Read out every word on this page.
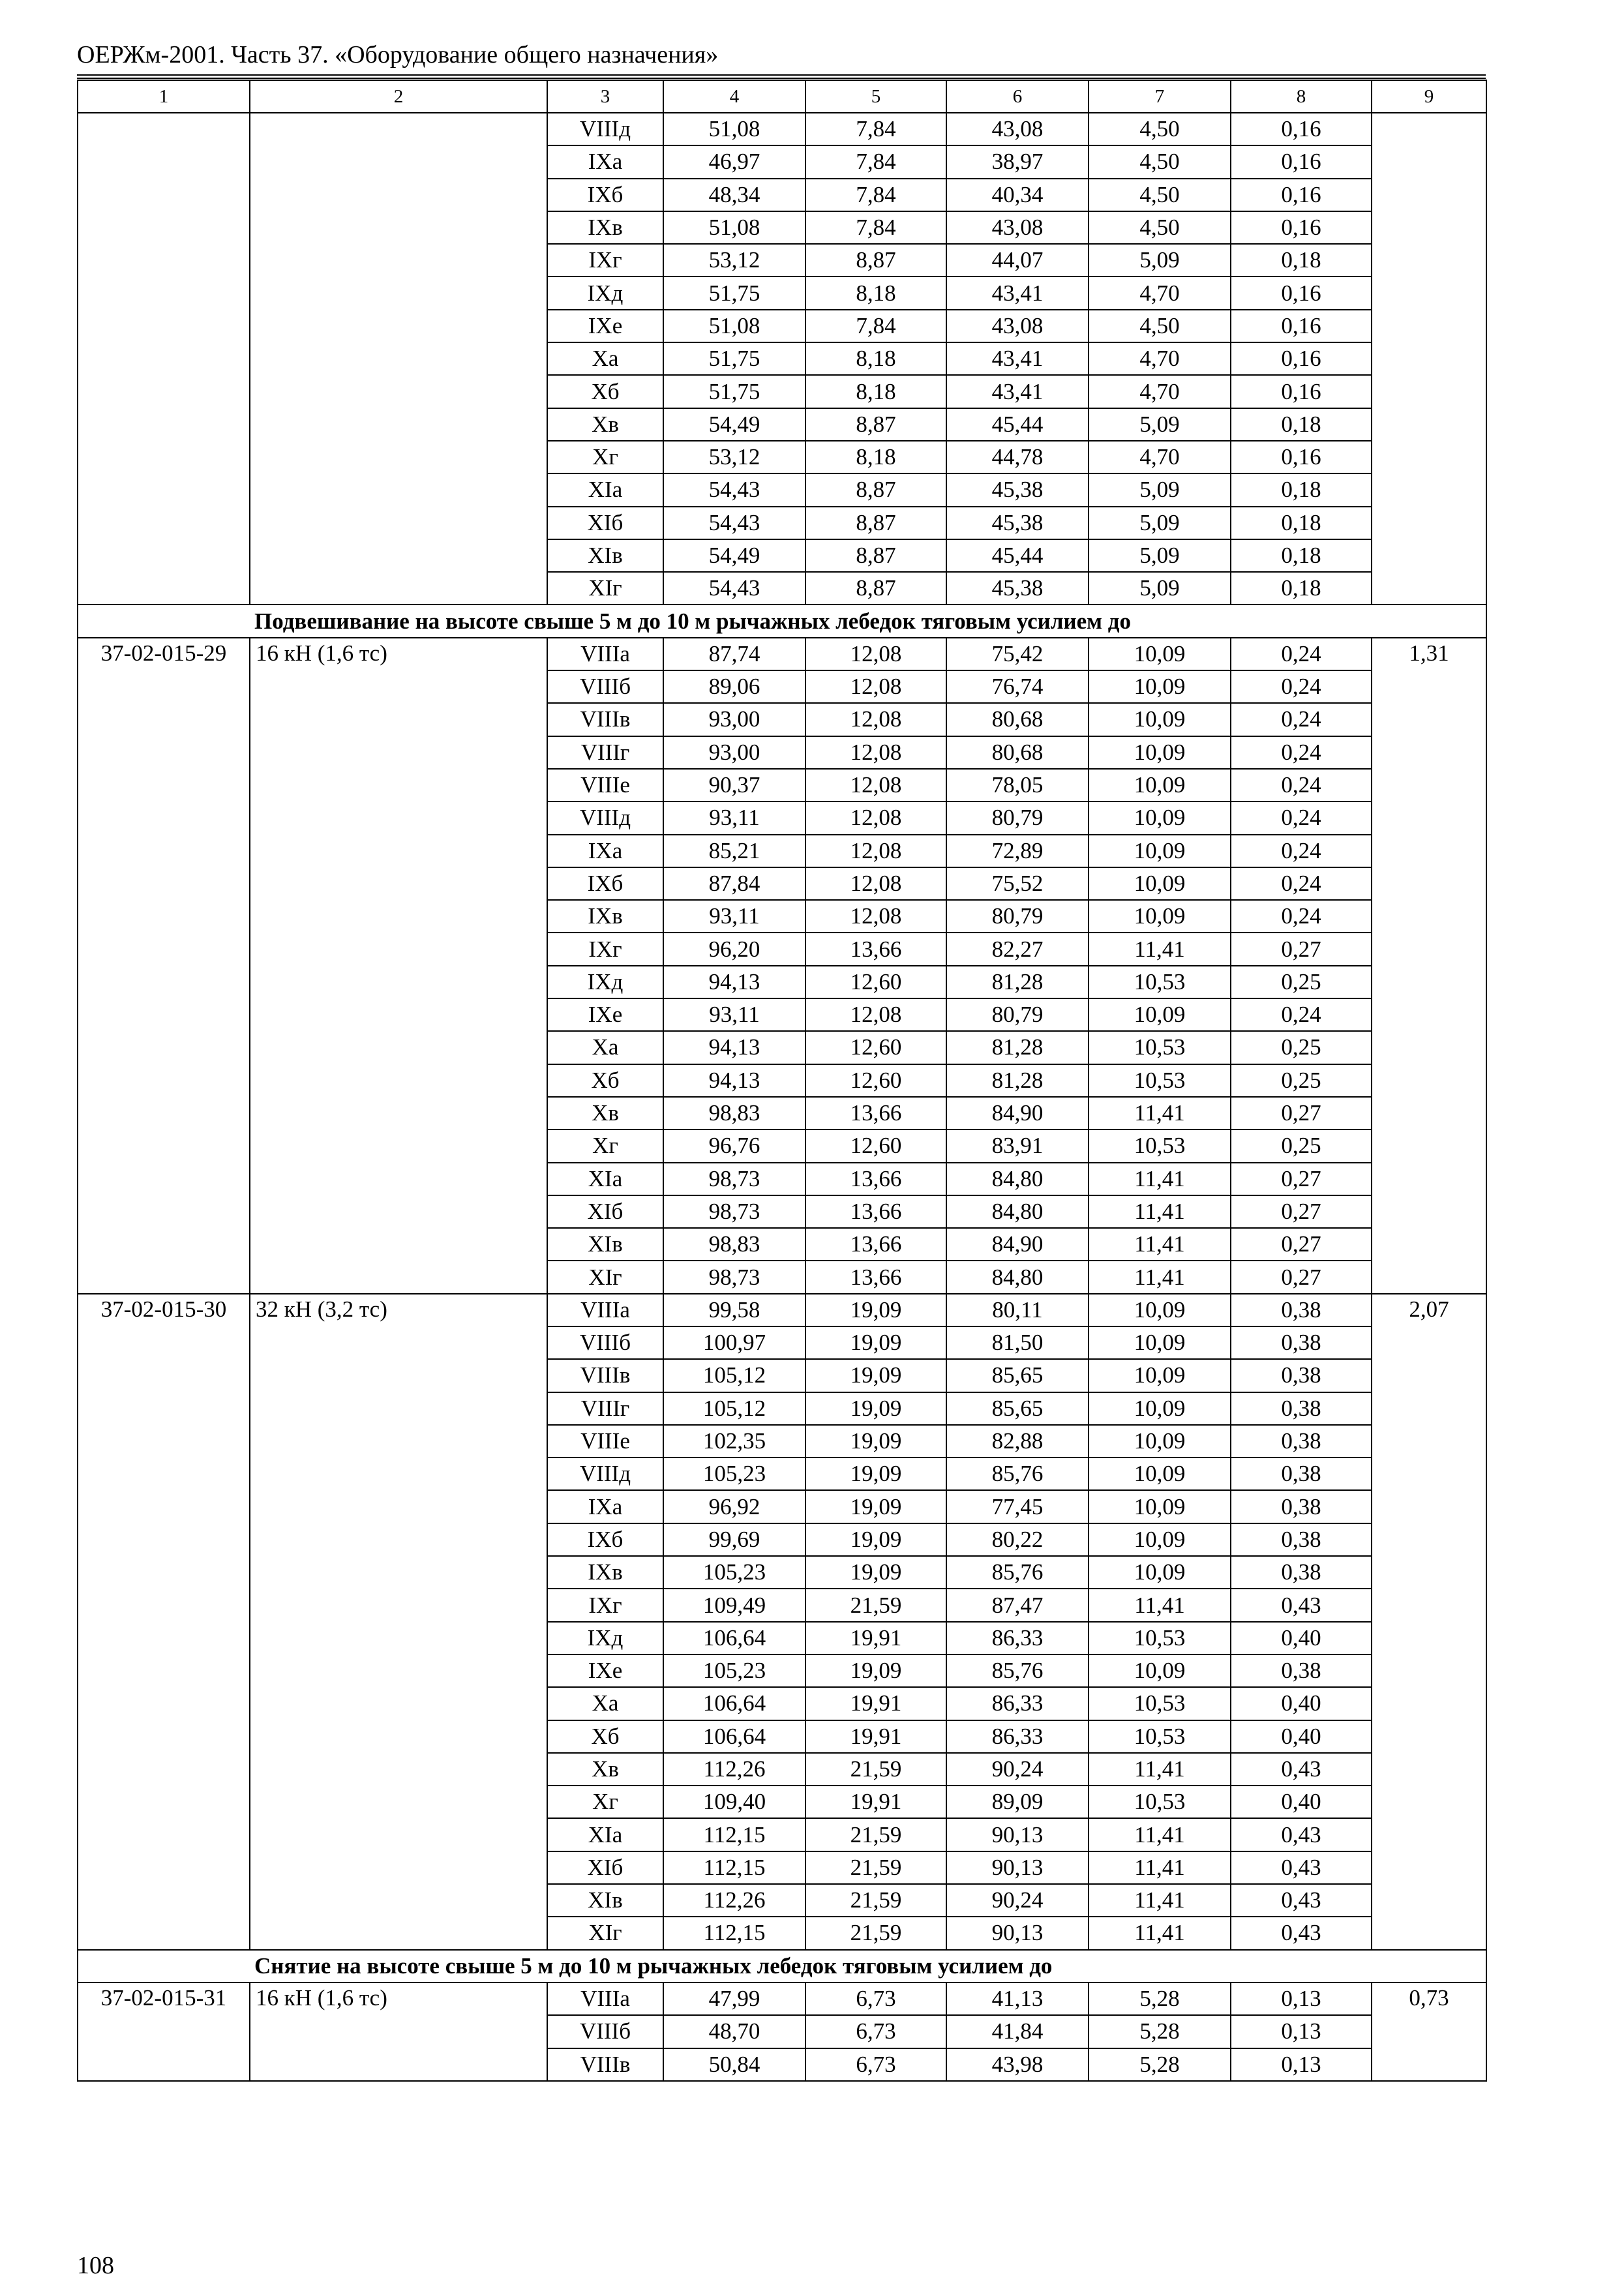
ОЕРЖм-2001. Часть 37. «Оборудование общего назначения»
1	2	3	4	5	6	7	8	9
		VIIIд	51,08	7,84	43,08	4,50	0,16	
		IXа	46,97	7,84	38,97	4,50	0,16	
		IXб	48,34	7,84	40,34	4,50	0,16	
		IXв	51,08	7,84	43,08	4,50	0,16	
		IXг	53,12	8,87	44,07	5,09	0,18	
		IXд	51,75	8,18	43,41	4,70	0,16	
		IXе	51,08	7,84	43,08	4,50	0,16	
		Xа	51,75	8,18	43,41	4,70	0,16	
		Xб	51,75	8,18	43,41	4,70	0,16	
		Xв	54,49	8,87	45,44	5,09	0,18	
		Xг	53,12	8,18	44,78	4,70	0,16	
		XIа	54,43	8,87	45,38	5,09	0,18	
		XIб	54,43	8,87	45,38	5,09	0,18	
		XIв	54,49	8,87	45,44	5,09	0,18	
		XIг	54,43	8,87	45,38	5,09	0,18	
Подвешивание на высоте свыше 5 м до 10 м рычажных лебедок тяговым усилием до								
37-02-015-29	16 кН (1,6 тс)	VIIIа	87,74	12,08	75,42	10,09	0,24	1,31
		VIIIб	89,06	12,08	76,74	10,09	0,24	
		VIIIв	93,00	12,08	80,68	10,09	0,24	
		VIIIг	93,00	12,08	80,68	10,09	0,24	
		VIIIе	90,37	12,08	78,05	10,09	0,24	
		VIIIд	93,11	12,08	80,79	10,09	0,24	
		IXа	85,21	12,08	72,89	10,09	0,24	
		IXб	87,84	12,08	75,52	10,09	0,24	
		IXв	93,11	12,08	80,79	10,09	0,24	
		IXг	96,20	13,66	82,27	11,41	0,27	
		IXд	94,13	12,60	81,28	10,53	0,25	
		IXе	93,11	12,08	80,79	10,09	0,24	
		Xа	94,13	12,60	81,28	10,53	0,25	
		Xб	94,13	12,60	81,28	10,53	0,25	
		Xв	98,83	13,66	84,90	11,41	0,27	
		Xг	96,76	12,60	83,91	10,53	0,25	
		XIа	98,73	13,66	84,80	11,41	0,27	
		XIб	98,73	13,66	84,80	11,41	0,27	
		XIв	98,83	13,66	84,90	11,41	0,27	
		XIг	98,73	13,66	84,80	11,41	0,27	
37-02-015-30	32 кН (3,2 тс)	VIIIа	99,58	19,09	80,11	10,09	0,38	2,07
		VIIIб	100,97	19,09	81,50	10,09	0,38	
		VIIIв	105,12	19,09	85,65	10,09	0,38	
		VIIIг	105,12	19,09	85,65	10,09	0,38	
		VIIIе	102,35	19,09	82,88	10,09	0,38	
		VIIIд	105,23	19,09	85,76	10,09	0,38	
		IXа	96,92	19,09	77,45	10,09	0,38	
		IXб	99,69	19,09	80,22	10,09	0,38	
		IXв	105,23	19,09	85,76	10,09	0,38	
		IXг	109,49	21,59	87,47	11,41	0,43	
		IXд	106,64	19,91	86,33	10,53	0,40	
		IXе	105,23	19,09	85,76	10,09	0,38	
		Xа	106,64	19,91	86,33	10,53	0,40	
		Xб	106,64	19,91	86,33	10,53	0,40	
		Xв	112,26	21,59	90,24	11,41	0,43	
		Xг	109,40	19,91	89,09	10,53	0,40	
		XIа	112,15	21,59	90,13	11,41	0,43	
		XIб	112,15	21,59	90,13	11,41	0,43	
		XIв	112,26	21,59	90,24	11,41	0,43	
		XIг	112,15	21,59	90,13	11,41	0,43	
Снятие на высоте свыше 5 м до 10 м рычажных лебедок тяговым усилием до								
37-02-015-31	16 кН (1,6 тс)	VIIIа	47,99	6,73	41,13	5,28	0,13	0,73
		VIIIб	48,70	6,73	41,84	5,28	0,13	
		VIIIв	50,84	6,73	43,98	5,28	0,13	
108
